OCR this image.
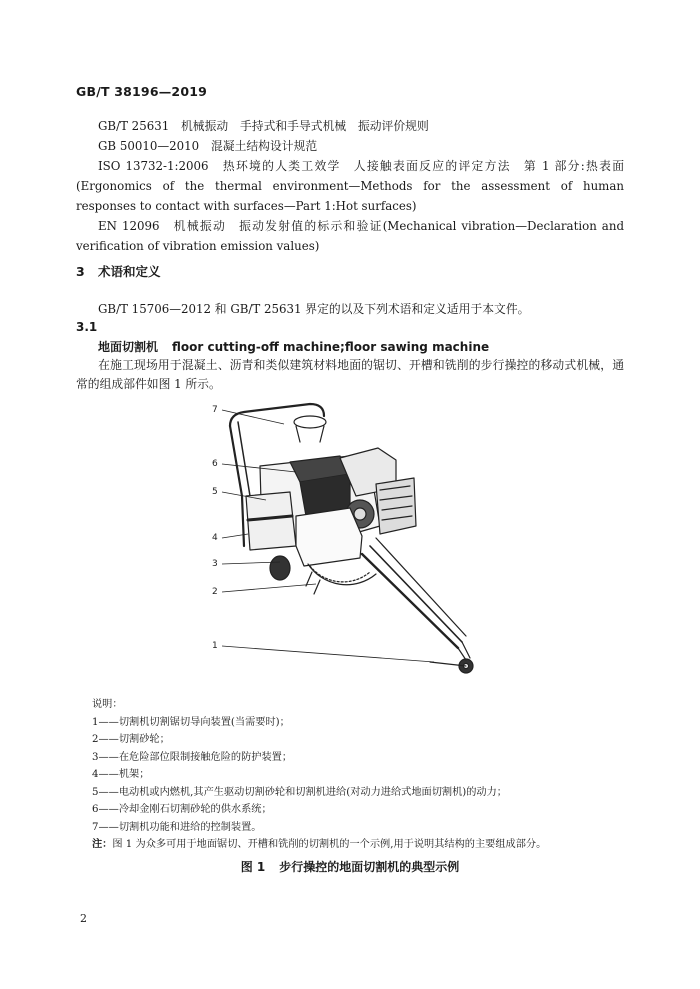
GB/T 38196—2019

GB/T 25631　机械振动　手持式和手导式机械　振动评价规则

GB 50010—2010　混凝土结构设计规范

ISO 13732-1:2006　热环境的人类工效学　人接触表面反应的评定方法　第 1 部分:热表面(Ergonomics of the thermal environment—Methods for the assessment of human responses to contact with surfaces—Part 1:Hot surfaces)

EN 12096　机械振动　振动发射值的标示和验证(Mechanical vibration—Declaration and verification of vibration emission values)

3 术语和定义
GB/T 15706—2012 和 GB/T 25631 界定的以及下列术语和定义适用于本文件。
3.1
地面切割机 floor cutting-off machine;floor sawing machine
在施工现场用于混凝土、沥青和类似建筑材料地面的锯切、开槽和铣削的步行操控的移动式机械，通常的组成部件如图 1 所示。
7
6
5
4
3
2
1
说明：
1——切割机切割锯切导向装置(当需要时)；
2——切割砂轮；
3——在危险部位限制接触危险的防护装置；
4——机架；
5——电动机或内燃机,其产生驱动切割砂轮和切割机进给(对动力进给式地面切割机)的动力；
6——冷却金刚石切割砂轮的供水系统；
7——切割机功能和进给的控制装置。
注：图 1 为众多可用于地面锯切、开槽和铣削的切割机的一个示例,用于说明其结构的主要组成部分。
图 1 步行操控的地面切割机的典型示例
2
